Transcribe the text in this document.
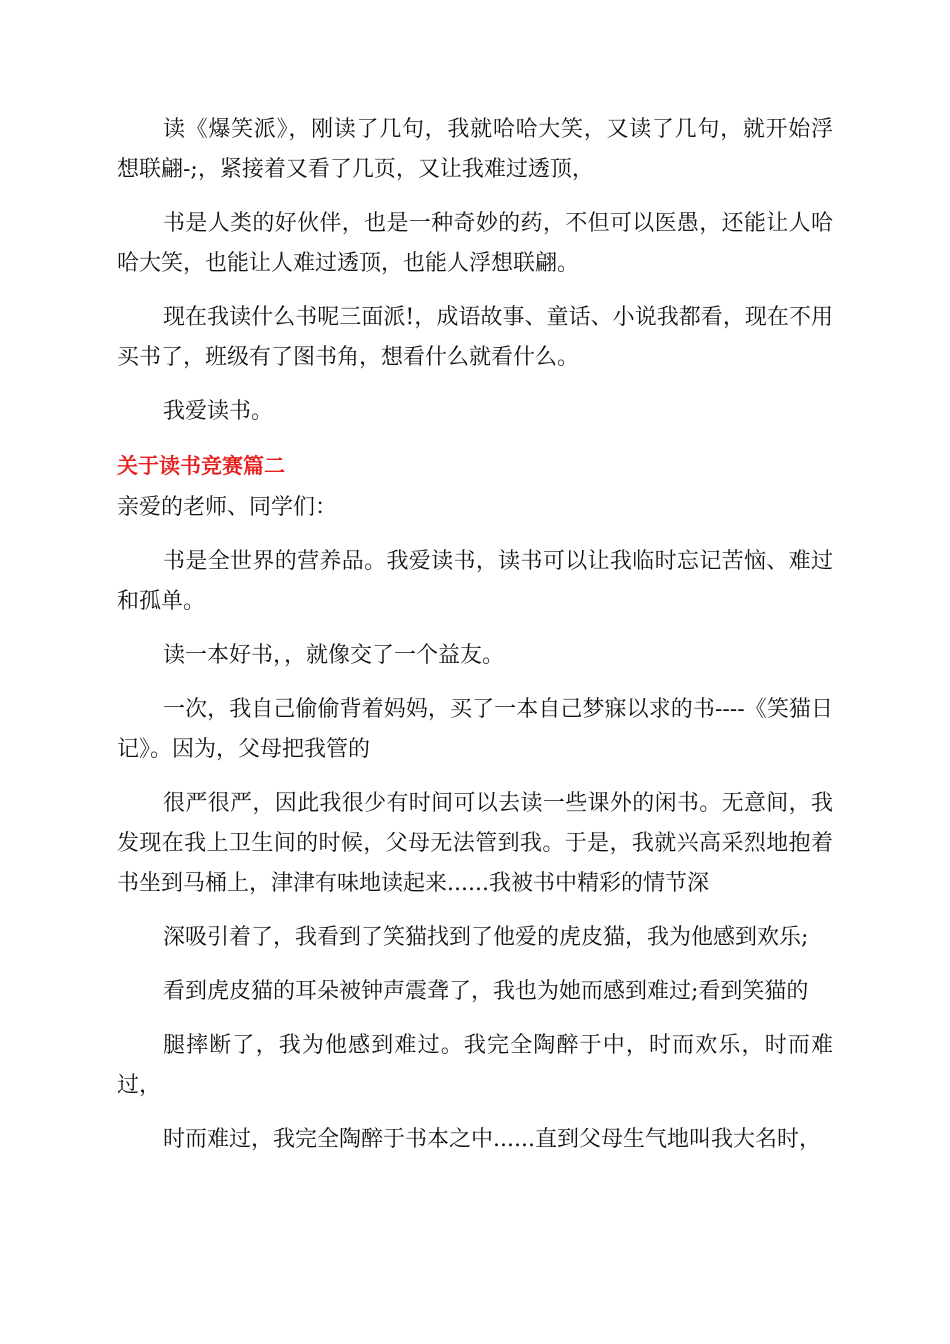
读《爆笑派》，刚读了几句，我就哈哈大笑，又读了几句，就开始浮想联翩-;，紧接着又看了几页，又让我难过透顶，

书是人类的好伙伴，也是一种奇妙的药，不但可以医愚，还能让人哈哈大笑，也能让人难过透顶，也能人浮想联翩。

现在我读什么书呢三面派!，成语故事、童话、小说我都看，现在不用买书了，班级有了图书角，想看什么就看什么。

我爱读书。

关于读书竞赛篇二

亲爱的老师、同学们：

书是全世界的营养品。我爱读书，读书可以让我临时忘记苦恼、难过和孤单。

读一本好书，，就像交了一个益友。

一次，我自己偷偷背着妈妈，买了一本自己梦寐以求的书----《笑猫日记》。因为，父母把我管的

很严很严，因此我很少有时间可以去读一些课外的闲书。无意间，我发现在我上卫生间的时候，父母无法管到我。于是，我就兴高采烈地抱着书坐到马桶上，津津有味地读起来......我被书中精彩的情节深

深吸引着了，我看到了笑猫找到了他爱的虎皮猫，我为他感到欢乐;

看到虎皮猫的耳朵被钟声震聋了，我也为她而感到难过;看到笑猫的

腿摔断了，我为他感到难过。我完全陶醉于中，时而欢乐，时而难过，

时而难过，我完全陶醉于书本之中......直到父母生气地叫我大名时，
